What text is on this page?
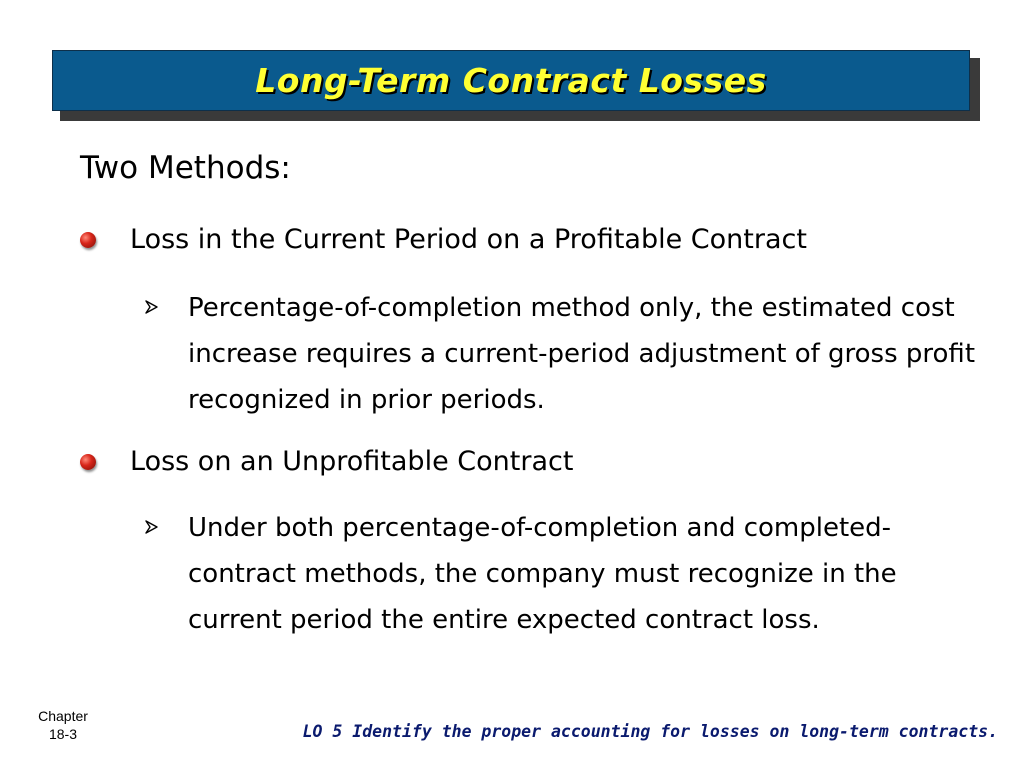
Long-Term Contract Losses
Two Methods:
Loss in the Current Period on a Profitable Contract
Percentage-of-completion method only, the estimated cost increase requires a current-period adjustment of gross profit recognized in prior periods.
Loss on an Unprofitable Contract
Under both percentage-of-completion and completed-contract methods, the company must recognize in the current period the entire expected contract loss.
Chapter
18-3	LO 5 Identify the proper accounting for losses on long-term contracts.
